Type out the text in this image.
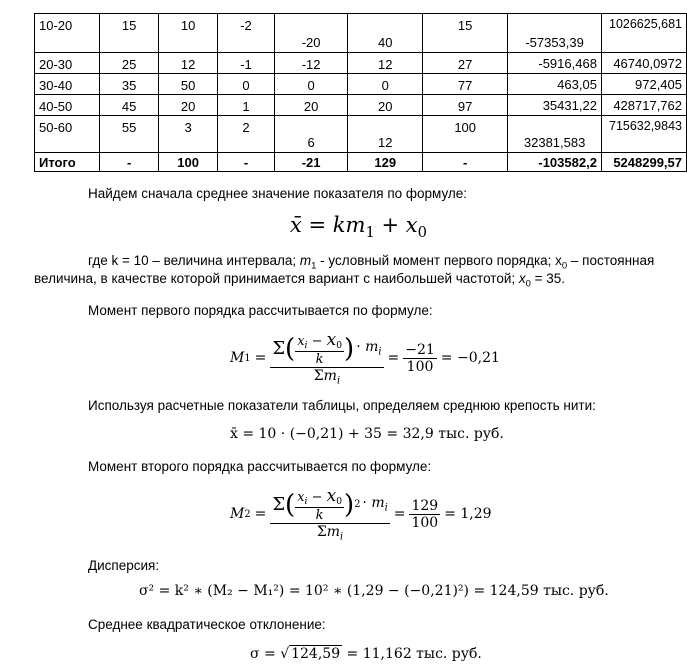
10-20	15	10	-2	-20	40	15	-57353,39	1026625,681
20-30	25	12	-1	-12	12	27	-5916,468	46740,0972
30-40	35	50	0	0	0	77	463,05	972,405
40-50	45	20	1	20	20	97	35431,22	428717,762
50-60	55	3	2	6	12	100	32381,583	715632,9843
Итого	-	100	-	-21	129	-	-103582,2	5248299,57
Найдем сначала среднее значение показателя по формуле:
x̄ = $km_1 + x_0$
где k = 10 – величина интервала; $m_1$ - условный момент первого порядка; $x_0$ – постоянная
величина, в качестве которой принимается вариант с наибольшей частотой; $x_0 = 35$.
Момент первого порядка рассчитывается по формуле:
M 1 = Σ ( $\frac{x_i - x_0}{k}$ ) · $m_i$
$\Sigma m_i$
= $\frac{-21}{100} = -0,21$
Используя расчетные показатели таблицы, определяем среднюю крепость нити:
x̄ = 10 · (−0,21) + 35 = 32,9 тыс. руб.
Момент второго порядка рассчитывается по формуле:
M 2 = Σ ( $\frac{x_i - x_0}{k}$ ) $2 \cdot m_i$
$\Sigma m_i$
= $\frac{129}{100} = 1,29$
Дисперсия:
σ² = k² ∗ (M₂ − M₁²) = 10² ∗ (1,29 − (−0,21)²) = 124,59 тыс. руб.
Среднее квадратическое отклонение:
σ = √ 124,59 = 11,162 тыс. руб.
